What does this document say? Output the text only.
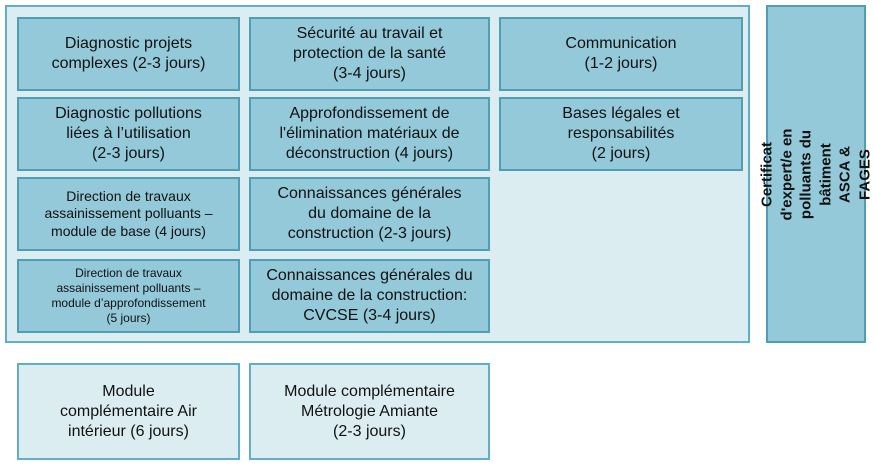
Diagnostic projets
complexes (2-3 jours)
Diagnostic pollutions
liées à l’utilisation
(2-3 jours)
Direction de travaux
assainissement polluants –
module de base (4 jours)
Direction de travaux
assainissement polluants –
module d’approfondissement
(5 jours)
Sécurité au travail et
protection de la santé
(3-4 jours)
Approfondissement de
l'élimination matériaux de
déconstruction (4 jours)
Connaissances générales
du domaine de la
construction (2-3 jours)
Connaissances générales du
domaine de la construction:
CVCSE (3-4 jours)
Communication
(1-2 jours)
Bases légales et
responsabilités
(2 jours)	Certificat d'expert/e en polluants du
bâtiment ASCA & FAGES
Module
complémentaire Air
intérieur (6 jours)
Module complémentaire
Métrologie Amiante
(2-3 jours)
